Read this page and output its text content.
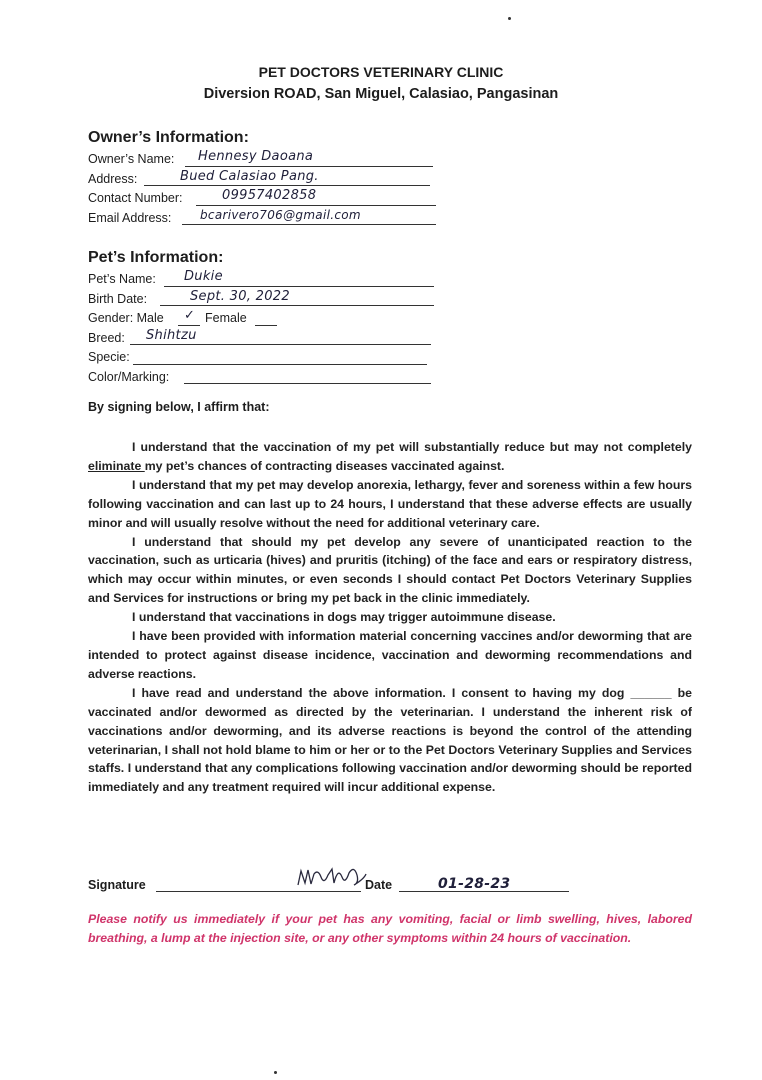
PET DOCTORS VETERINARY CLINIC
Diversion ROAD, San Miguel, Calasiao, Pangasinan
Owner’s Information:
Owner’s Name: Hennesy Daoana
Address:	Bued Calasiao Pang.
Contact Number:	09957402858
Email Address: bcarivero706@gmail.com
Pet’s Information:
Pet’s Name: Dukie
Birth Date:	Sept. 30, 2022
Gender: Male ✓ Female
Breed: Shihtzu
Specie:
Color/Marking:
By signing below, I affirm that:

I understand that the vaccination of my pet will substantially reduce but may not completely eliminate my pet’s chances of contracting diseases vaccinated against.

I understand that my pet may develop anorexia, lethargy, fever and soreness within a few hours following vaccination and can last up to 24 hours, I understand that these adverse effects are usually minor and will usually resolve without the need for additional veterinary care.

I understand that should my pet develop any severe of unanticipated reaction to the vaccination, such as urticaria (hives) and pruritis (itching) of the face and ears or respiratory distress, which may occur within minutes, or even seconds I should contact Pet Doctors Veterinary Supplies and Services for instructions or bring my pet back in the clinic immediately.

I understand that vaccinations in dogs may trigger autoimmune disease.

I have been provided with information material concerning vaccines and/or deworming that are intended to protect against disease incidence, vaccination and deworming recommendations and adverse reactions.

I have read and understand the above information. I consent to having my dog ______ be vaccinated and/or dewormed as directed by the veterinarian. I understand the inherent risk of vaccinations and/or deworming, and its adverse reactions is beyond the control of the attending veterinarian, I shall not hold blame to him or her or to the Pet Doctors Veterinary Supplies and Services staffs. I understand that any complications following vaccination and/or deworming should be reported immediately and any treatment required will incur additional expense.

Signature	Date	01-28-23
Please notify us immediately if your pet has any vomiting, facial or limb swelling, hives, labored breathing, a lump at the injection site, or any other symptoms within 24 hours of vaccination.
